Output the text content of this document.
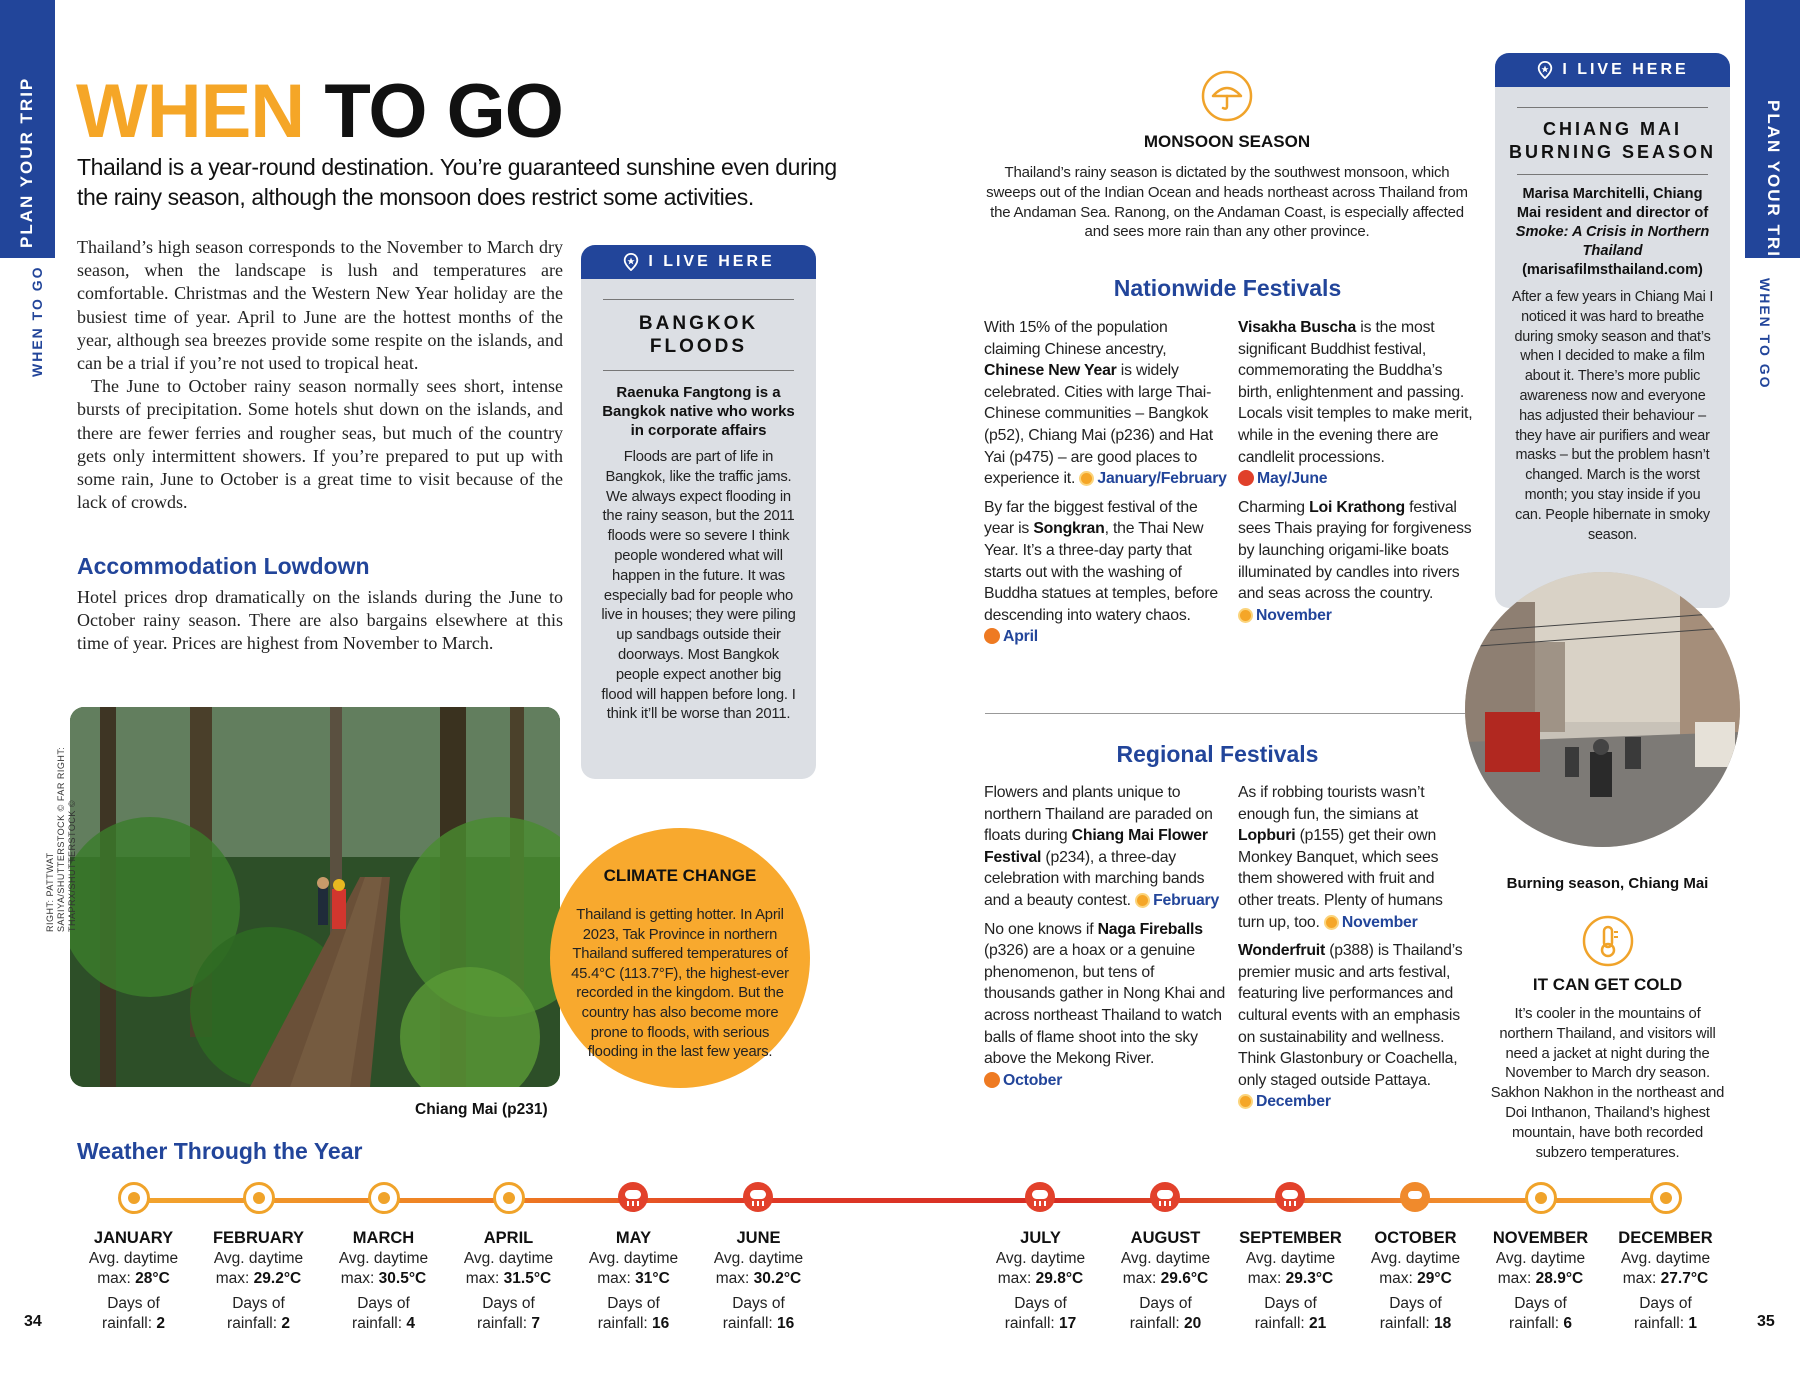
PLAN YOUR TRIP
WHEN TO GO
PLAN YOUR TRIP
WHEN TO GO
WHEN TO GO
Thailand is a year-round destination. You’re guaranteed sunshine even during the rainy season, although the monsoon does restrict some activities.
Thailand’s high season corresponds to the November to March dry season, when the landscape is lush and temperatures are comfortable. Christmas and the Western New Year holiday are the busiest time of year. April to June are the hottest months of the year, although sea breezes provide some respite on the islands, and can be a trial if you’re not used to tropical heat.
The June to October rainy season normally sees short, intense bursts of precipitation. Some hotels shut down on the islands, and there are fewer ferries and rougher seas, but much of the country gets only intermittent showers. If you’re prepared to put up with some rain, June to October is a great time to visit because of the lack of crowds.
Accommodation Lowdown
Hotel prices drop dramatically on the islands during the June to October rainy season. There are also bargains elsewhere at this time of year. Prices are highest from November to March.
I LIVE HERE
BANGKOK FLOODS
Raenuka Fangtong is a Bangkok native who works in corporate affairs
Floods are part of life in Bangkok, like the traffic jams. We always expect flooding in the rainy season, but the 2011 floods were so severe I think people wondered what will happen in the future. It was especially bad for people who live in houses; they were piling up sandbags outside their doorways. Most Bangkok people expect another big flood will happen before long. I think it’ll be worse than 2011.
RIGHT: PATTWAT SARIYA/SHUTTERSTOCK © FAR RIGHT: THAPRX/SHUTTERSTOCK ©
Chiang Mai (p231)
CLIMATE CHANGE
Thailand is getting hotter. In April 2023, Tak Province in northern Thailand suffered temperatures of 45.4°C (113.7°F), the highest-ever recorded in the kingdom. But the country has also become more prone to floods, with serious flooding in the last few years.
MONSOON SEASON
Thailand’s rainy season is dictated by the southwest monsoon, which sweeps out of the Indian Ocean and heads northeast across Thailand from the Andaman Sea. Ranong, on the Andaman Coast, is especially affected and sees more rain than any other province.
Nationwide Festivals
With 15% of the population claiming Chinese ancestry, Chinese New Year is widely celebrated. Cities with large Thai-Chinese communities – Bangkok (p52), Chiang Mai (p236) and Hat Yai (p475) – are good places to experience it. January/February
By far the biggest festival of the year is Songkran, the Thai New Year. It’s a three-day party that starts out with the washing of Buddha statues at temples, before descending into watery chaos. April
Visakha Buscha is the most significant Buddhist festival, commemorating the Buddha’s birth, enlightenment and passing. Locals visit temples to make merit, while in the evening there are candlelit processions. May/June
Charming Loi Krathong festival sees Thais praying for forgiveness by launching origami-like boats illuminated by candles into rivers and seas across the country. November
Regional Festivals
Flowers and plants unique to northern Thailand are paraded on floats during Chiang Mai Flower Festival (p234), a three-day celebration with marching bands and a beauty contest. February
No one knows if Naga Fireballs (p326) are a hoax or a genuine phenomenon, but tens of thousands gather in Nong Khai and across northeast Thailand to watch balls of flame shoot into the sky above the Mekong River. October
As if robbing tourists wasn’t enough fun, the simians at Lopburi (p155) get their own Monkey Banquet, which sees them showered with fruit and other treats. Plenty of humans turn up, too. November
Wonderfruit (p388) is Thailand’s premier music and arts festival, featuring live performances and cultural events with an emphasis on sustainability and wellness. Think Glastonbury or Coachella, only staged outside Pattaya. December
I LIVE HERE
CHIANG MAI BURNING SEASON
Marisa Marchitelli, Chiang Mai resident and director of Smoke: A Crisis in Northern Thailand (marisafilmsthailand.com)
After a few years in Chiang Mai I noticed it was hard to breathe during smoky season and that’s when I decided to make a film about it. There’s more public awareness now and everyone has adjusted their behaviour – they have air purifiers and wear masks – but the problem hasn’t changed. March is the worst month; you stay inside if you can. People hibernate in smoky season.
Burning season, Chiang Mai
IT CAN GET COLD
It’s cooler in the mountains of northern Thailand, and visitors will need a jacket at night during the November to March dry season. Sakhon Nakhon in the northeast and Doi Inthanon, Thailand’s highest mountain, have both recorded subzero temperatures.
Weather Through the Year
JANUARY
Avg. daytime
max: 28°C
Days of
rainfall: 2
FEBRUARY
Avg. daytime
max: 29.2°C
Days of
rainfall: 2
MARCH
Avg. daytime
max: 30.5°C
Days of
rainfall: 4
APRIL
Avg. daytime
max: 31.5°C
Days of
rainfall: 7
MAY
Avg. daytime
max: 31°C
Days of
rainfall: 16
JUNE
Avg. daytime
max: 30.2°C
Days of
rainfall: 16
JULY
Avg. daytime
max: 29.8°C
Days of
rainfall: 17
AUGUST
Avg. daytime
max: 29.6°C
Days of
rainfall: 20
SEPTEMBER
Avg. daytime
max: 29.3°C
Days of
rainfall: 21
OCTOBER
Avg. daytime
max: 29°C
Days of
rainfall: 18
NOVEMBER
Avg. daytime
max: 28.9°C
Days of
rainfall: 6
DECEMBER
Avg. daytime
max: 27.7°C
Days of
rainfall: 1
34	35
